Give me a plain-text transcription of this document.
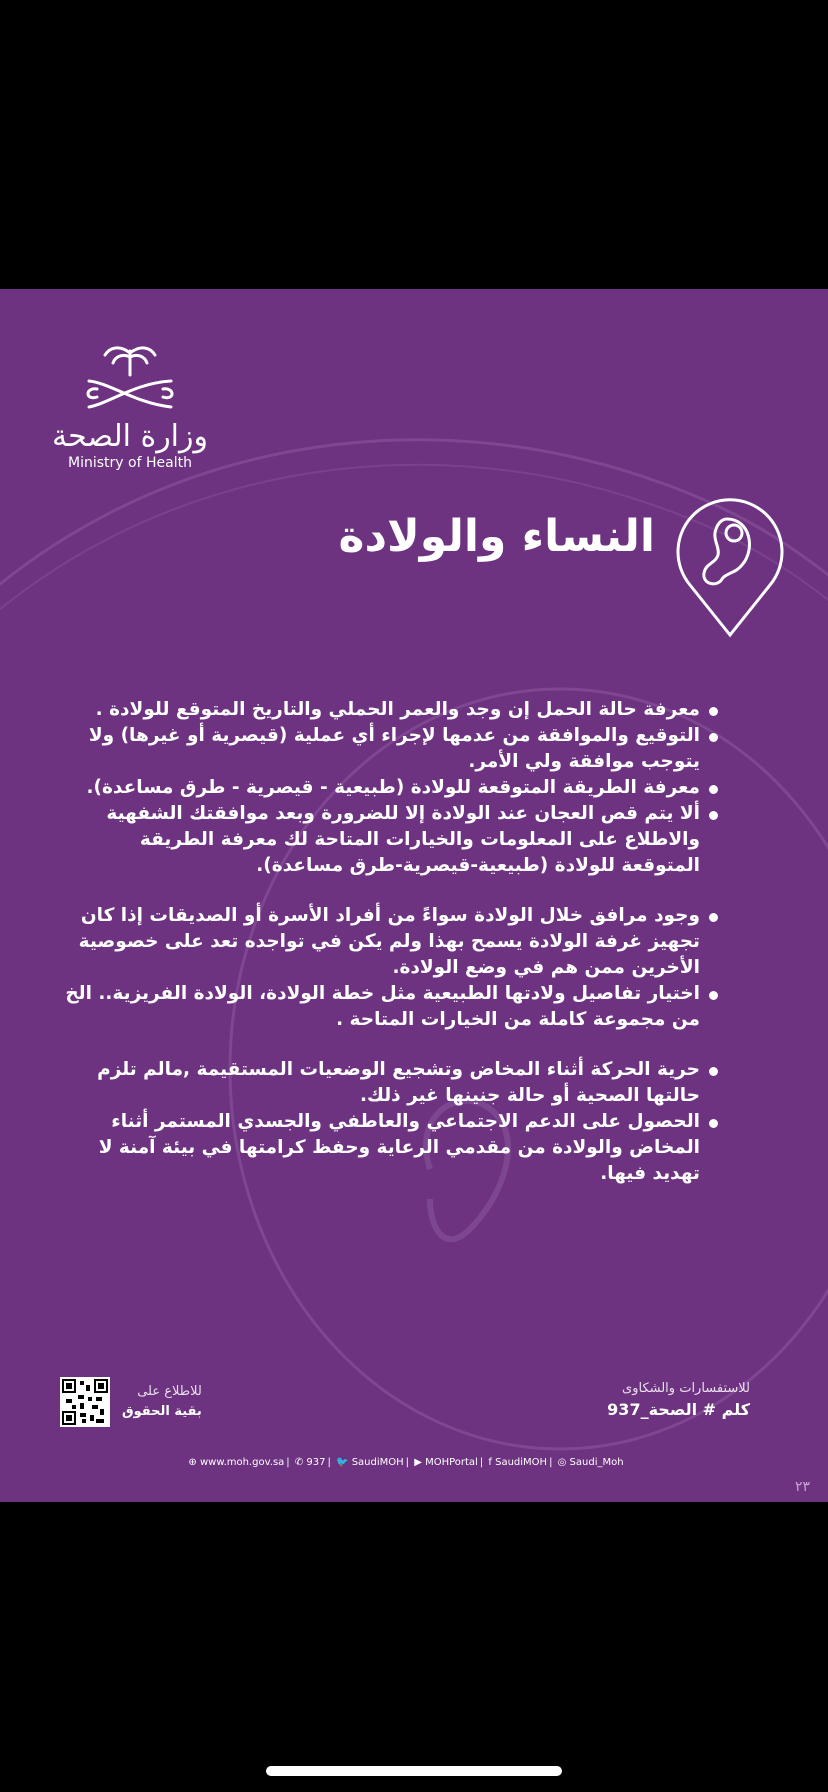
وزارة الصحة
Ministry of Health
النساء والولادة
معرفة حالة الحمل إن وجد والعمر الحملي والتاريخ المتوقع للولادة .
التوقيع والموافقة من عدمها لإجراء أي عملية (قيصرية أو غيرها) ولا يتوجب موافقة ولي الأمر.
معرفة الطريقة المتوقعة للولادة (طبيعية - قيصرية - طرق مساعدة).
ألا يتم قص العجان عند الولادة إلا للضرورة وبعد موافقتك الشفهية والاطلاع على المعلومات والخيارات المتاحة لك معرفة الطريقة المتوقعة للولادة (طبيعية-قيصرية-طرق مساعدة).
وجود مرافق خلال الولادة سواءً من أفراد الأسرة أو الصديقات إذا كان تجهيز غرفة الولادة يسمح بهذا ولم يكن في تواجده تعد على خصوصية الأخرين ممن هم في وضع الولادة.
اختيار تفاصيل ولادتها الطبيعية مثل خطة الولادة، الولادة الفريزية.. الخ من مجموعة كاملة من الخيارات المتاحة .
حرية الحركة أثناء المخاض وتشجيع الوضعيات المستقيمة ,مالم تلزم حالتها الصحية أو حالة جنينها غير ذلك.
الحصول على الدعم الاجتماعي والعاطفي والجسدي المستمر أثناء المخاض والولادة من مقدمي الرعاية وحفظ كرامتها في بيئة آمنة لا تهديد فيها.
للاستفسارات والشكاوى
كلم # الصحة_937
للاطلاع على
بقية الحقوق
⊕ www.moh.gov.sa | ✆ 937 | 🐦 SaudiMOH | ▶ MOHPortal | f SaudiMOH | ◎ Saudi_Moh
٢٣
